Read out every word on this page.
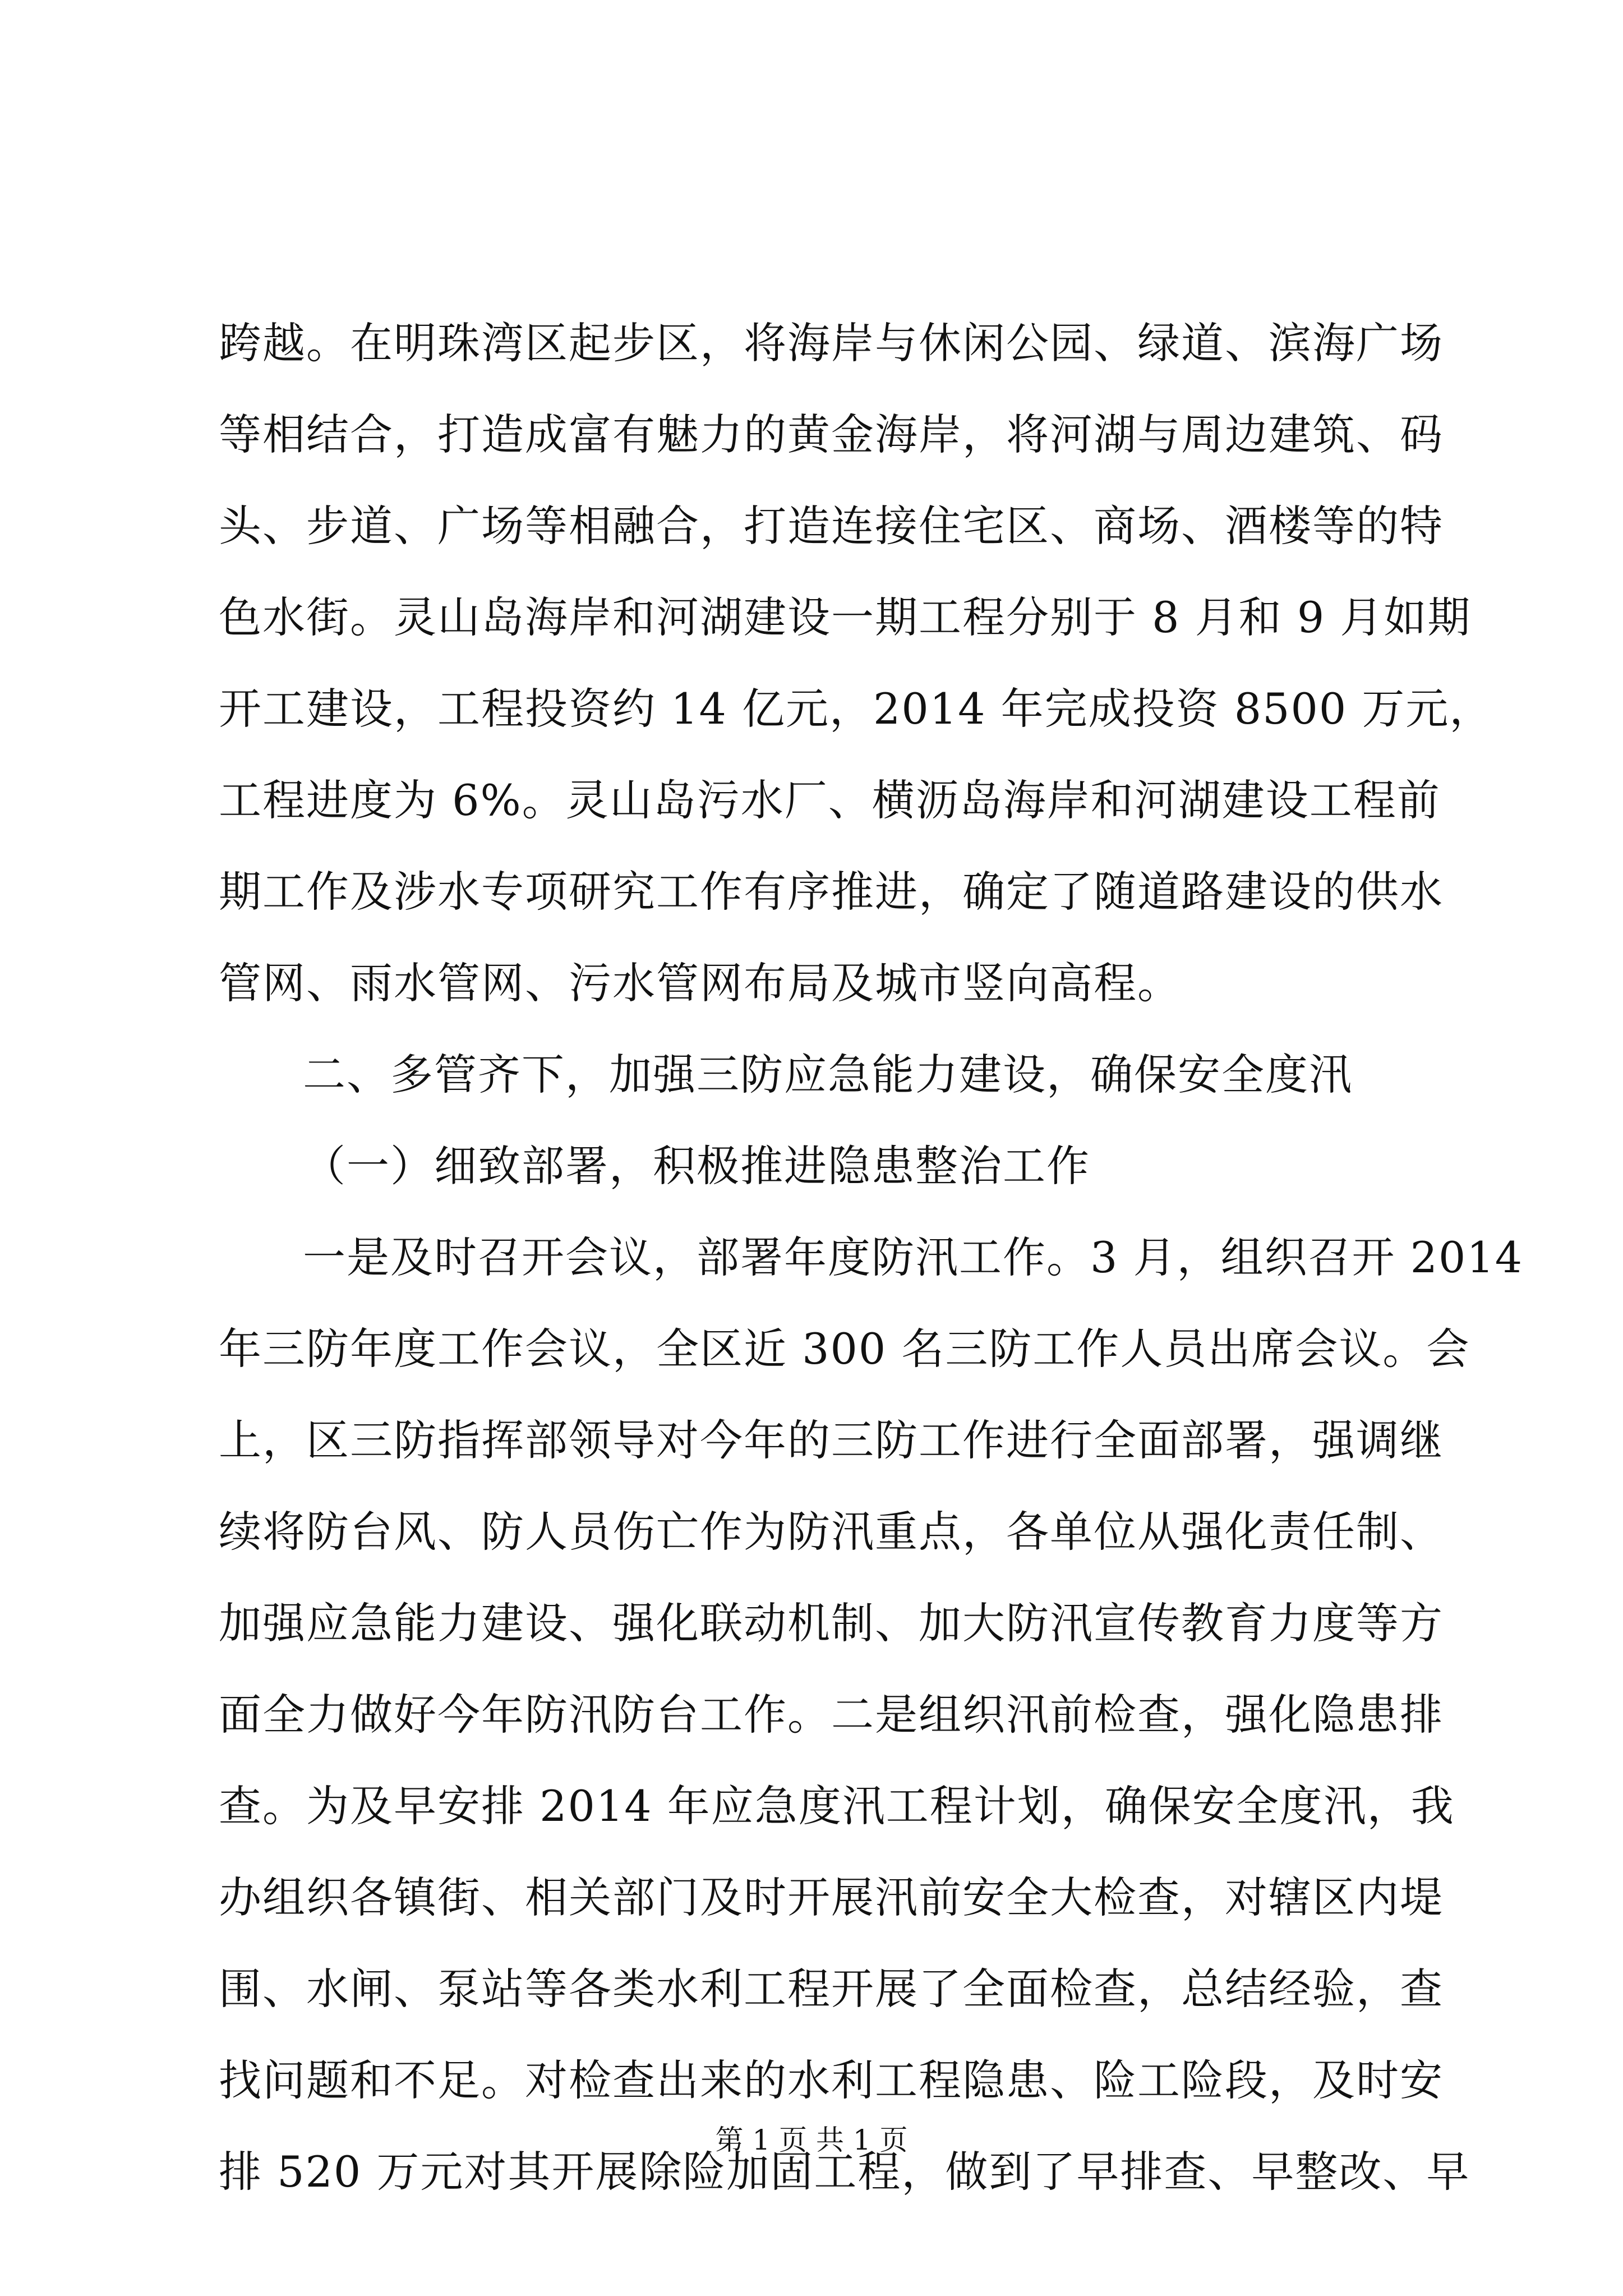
跨越。在明珠湾区起步区，将海岸与休闲公园、绿道、滨海广场
等相结合，打造成富有魅力的黄金海岸，将河湖与周边建筑、码
头、步道、广场等相融合，打造连接住宅区、商场、酒楼等的特
色水街。灵山岛海岸和河湖建设一期工程分别于 8 月和 9 月如期
开工建设，工程投资约 14 亿元，2014 年完成投资 8500 万元，
工程进度为 6%。灵山岛污水厂、横沥岛海岸和河湖建设工程前
期工作及涉水专项研究工作有序推进，确定了随道路建设的供水
管网、雨水管网、污水管网布局及城市竖向高程。
二、多管齐下，加强三防应急能力建设，确保安全度汛
（一）细致部署，积极推进隐患整治工作
一是及时召开会议，部署年度防汛工作。3 月，组织召开 2014
年三防年度工作会议，全区近 300 名三防工作人员出席会议。会
上，区三防指挥部领导对今年的三防工作进行全面部署，强调继
续将防台风、防人员伤亡作为防汛重点，各单位从强化责任制、
加强应急能力建设、强化联动机制、加大防汛宣传教育力度等方
面全力做好今年防汛防台工作。二是组织汛前检查，强化隐患排
查。为及早安排 2014 年应急度汛工程计划，确保安全度汛，我
办组织各镇街、相关部门及时开展汛前安全大检查，对辖区内堤
围、水闸、泵站等各类水利工程开展了全面检查，总结经验，查
找问题和不足。对检查出来的水利工程隐患、险工险段，及时安
排 520 万元对其开展除险加固工程，做到了早排查、早整改、早
第 1 页 共 1 页
